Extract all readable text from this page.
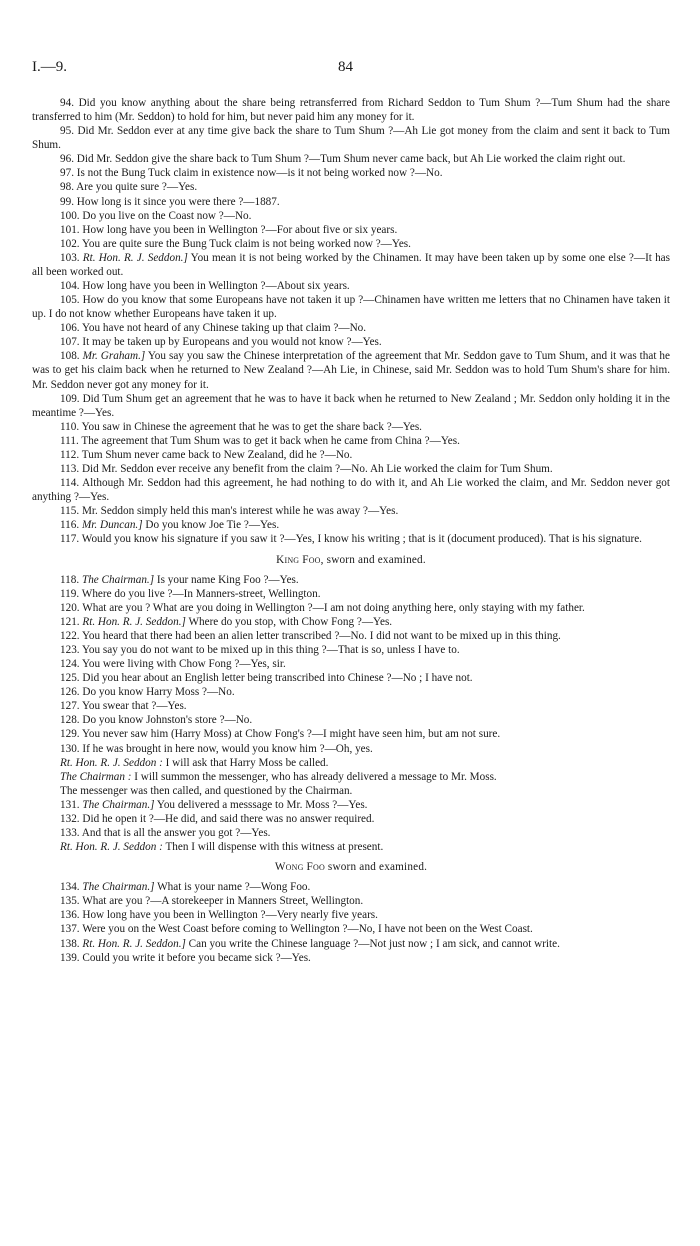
I.—9.	84

94. Did you know anything about the share being retransferred from Richard Seddon to Tum Shum ?—Tum Shum had the share transferred to him (Mr. Seddon) to hold for him, but never paid him any money for it.

95. Did Mr. Seddon ever at any time give back the share to Tum Shum ?—Ah Lie got money from the claim and sent it back to Tum Shum.

96. Did Mr. Seddon give the share back to Tum Shum ?—Tum Shum never came back, but Ah Lie worked the claim right out.

97. Is not the Bung Tuck claim in existence now—is it not being worked now ?—No.

98. Are you quite sure ?—Yes.

99. How long is it since you were there ?—1887.

100. Do you live on the Coast now ?—No.

101. How long have you been in Wellington ?—For about five or six years.

102. You are quite sure the Bung Tuck claim is not being worked now ?—Yes.

103. Rt. Hon. R. J. Seddon.] You mean it is not being worked by the Chinamen. It may have been taken up by some one else ?—It has all been worked out.

104. How long have you been in Wellington ?—About six years.

105. How do you know that some Europeans have not taken it up ?—Chinamen have written me letters that no Chinamen have taken it up. I do not know whether Europeans have taken it up.

106. You have not heard of any Chinese taking up that claim ?—No.

107. It may be taken up by Europeans and you would not know ?—Yes.

108. Mr. Graham.] You say you saw the Chinese interpretation of the agreement that Mr. Seddon gave to Tum Shum, and it was that he was to get his claim back when he returned to New Zealand ?—Ah Lie, in Chinese, said Mr. Seddon was to hold Tum Shum's share for him. Mr. Seddon never got any money for it.

109. Did Tum Shum get an agreement that he was to have it back when he returned to New Zealand ; Mr. Seddon only holding it in the meantime ?—Yes.

110. You saw in Chinese the agreement that he was to get the share back ?—Yes.

111. The agreement that Tum Shum was to get it back when he came from China ?—Yes.

112. Tum Shum never came back to New Zealand, did he ?—No.

113. Did Mr. Seddon ever receive any benefit from the claim ?—No. Ah Lie worked the claim for Tum Shum.

114. Although Mr. Seddon had this agreement, he had nothing to do with it, and Ah Lie worked the claim, and Mr. Seddon never got anything ?—Yes.

115. Mr. Seddon simply held this man's interest while he was away ?—Yes.

116. Mr. Duncan.] Do you know Joe Tie ?—Yes.

117. Would you know his signature if you saw it ?—Yes, I know his writing ; that is it (document produced). That is his signature.

King Foo, sworn and examined.

118. The Chairman.] Is your name King Foo ?—Yes.

119. Where do you live ?—In Manners-street, Wellington.

120. What are you ? What are you doing in Wellington ?—I am not doing anything here, only staying with my father.

121. Rt. Hon. R. J. Seddon.] Where do you stop, with Chow Fong ?—Yes.

122. You heard that there had been an alien letter transcribed ?—No. I did not want to be mixed up in this thing.

123. You say you do not want to be mixed up in this thing ?—That is so, unless I have to.

124. You were living with Chow Fong ?—Yes, sir.

125. Did you hear about an English letter being transcribed into Chinese ?—No ; I have not.

126. Do you know Harry Moss ?—No.

127. You swear that ?—Yes.

128. Do you know Johnston's store ?—No.

129. You never saw him (Harry Moss) at Chow Fong's ?—I might have seen him, but am not sure.

130. If he was brought in here now, would you know him ?—Oh, yes.

Rt. Hon. R. J. Seddon : I will ask that Harry Moss be called.

The Chairman : I will summon the messenger, who has already delivered a message to Mr. Moss.

The messenger was then called, and questioned by the Chairman.

131. The Chairman.] You delivered a messsage to Mr. Moss ?—Yes.

132. Did he open it ?—He did, and said there was no answer required.

133. And that is all the answer you got ?—Yes.

Rt. Hon. R. J. Seddon : Then I will dispense with this witness at present.

Wong Foo sworn and examined.

134. The Chairman.] What is your name ?—Wong Foo.

135. What are you ?—A storekeeper in Manners Street, Wellington.

136. How long have you been in Wellington ?—Very nearly five years.

137. Were you on the West Coast before coming to Wellington ?—No, I have not been on the West Coast.

138. Rt. Hon. R. J. Seddon.] Can you write the Chinese language ?—Not just now ; I am sick, and cannot write.

139. Could you write it before you became sick ?—Yes.
